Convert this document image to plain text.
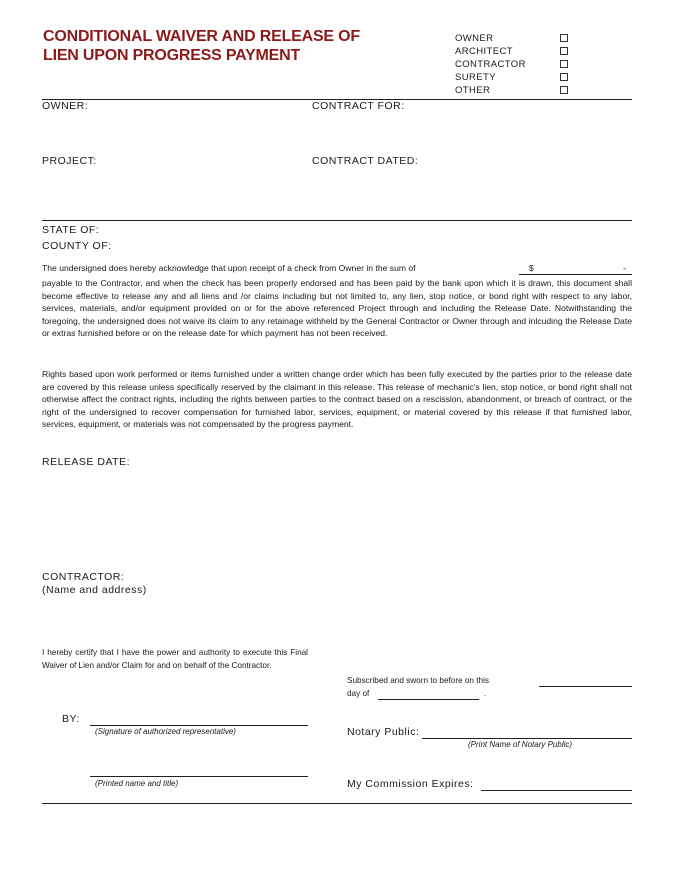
CONDITIONAL WAIVER AND RELEASE OF
LIEN UPON PROGRESS PAYMENT
OWNER
ARCHITECT
CONTRACTOR
SURETY
OTHER
OWNER:	CONTRACT FOR:
PROJECT:	CONTRACT DATED:
STATE OF:
COUNTY OF:
The undersigned does hereby acknowledge that upon receipt of a check from Owner in the sum of	$	-
payable to the Contractor, and when the check has been properly endorsed and has been paid by the bank upon which it is drawn, this document shall become effective to release any and all liens and /or claims including but not limited to, any lien, stop notice, or bond right with respect to any labor, services, materials, and/or equipment provided on or for the above referenced Project through and including the Release Date. Notwithstanding the foregoing, the undersigned does not waive its claim to any retainage withheld by the General Contractor or Owner through and inlcuding the Release Date or extras furnished before or on the release date for which payment has not been received.
Rights based upon work performed or items furnished under a written change order which has been fully executed by the parties prior to the release date are covered by this release unless specifically reserved by the claimant in this release. This release of mechanic's lien, stop notice, or bond right shall not otherwise affect the contract rights, including the rights between parties to the contract based on a rescission, abandonment, or breach of contract, or the right of the undersigned to recover compensation for furnished labor, services, equipment, or material covered by this release if that furnished labor, services, equipment, or materials was not compensated by the progress payment.
RELEASE DATE:
CONTRACTOR:
(Name and address)
I hereby certify that I have the power and authority to execute this Final Waiver of Lien and/or Claim for and on behalf of the Contractor.
Subscribed and sworn to before on this
day of	.
BY:
(Signature of authorized representative)	Notary Public:
(Print Name of Notary Public)
(Printed name and title)	My Commission Expires:
